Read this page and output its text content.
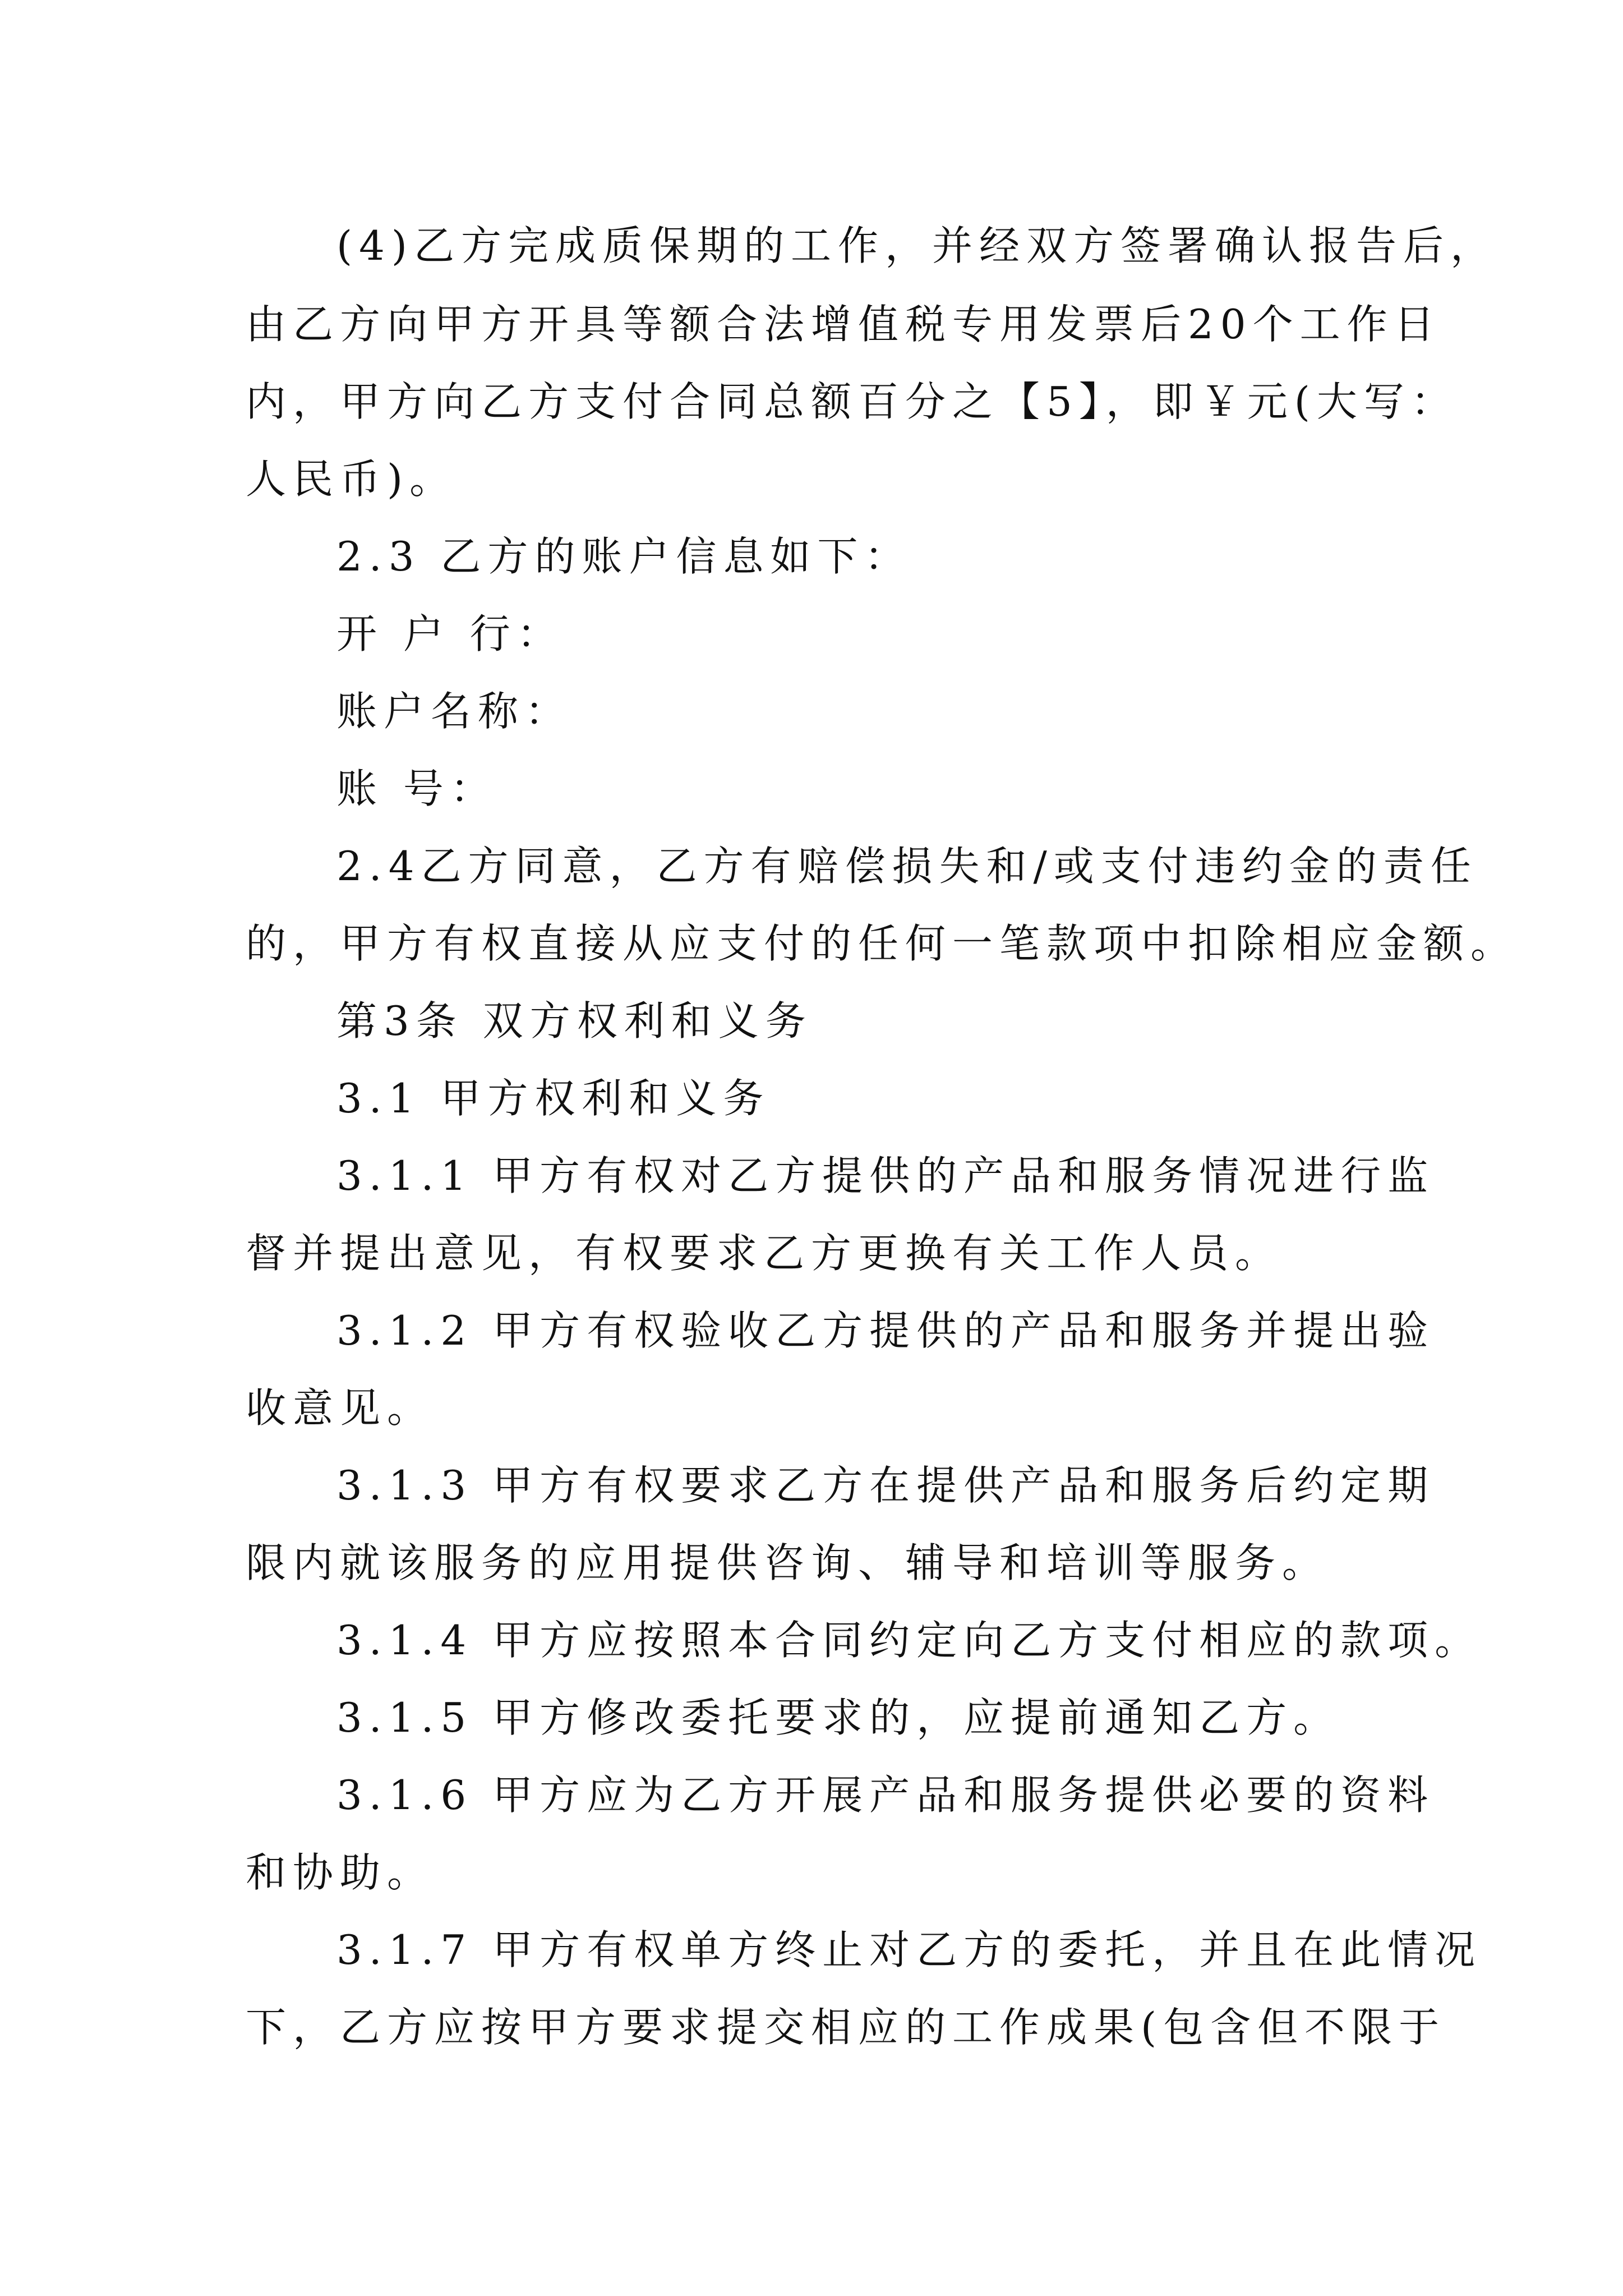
(4)乙方完成质保期的工作，并经双方签署确认报告后，
由乙方向甲方开具等额合法增值税专用发票后20个工作日
内，甲方向乙方支付合同总额百分之【5】，即￥元(大写：
人民币)。
2.3 乙方的账户信息如下：
开 户 行：
账户名称：
账 号：
2.4乙方同意，乙方有赔偿损失和/或支付违约金的责任
的，甲方有权直接从应支付的任何一笔款项中扣除相应金额。
第3条 双方权利和义务
3.1 甲方权利和义务
3.1.1 甲方有权对乙方提供的产品和服务情况进行监
督并提出意见，有权要求乙方更换有关工作人员。
3.1.2 甲方有权验收乙方提供的产品和服务并提出验
收意见。
3.1.3 甲方有权要求乙方在提供产品和服务后约定期
限内就该服务的应用提供咨询、辅导和培训等服务。
3.1.4 甲方应按照本合同约定向乙方支付相应的款项。
3.1.5 甲方修改委托要求的，应提前通知乙方。
3.1.6 甲方应为乙方开展产品和服务提供必要的资料
和协助。
3.1.7 甲方有权单方终止对乙方的委托，并且在此情况
下，乙方应按甲方要求提交相应的工作成果(包含但不限于
